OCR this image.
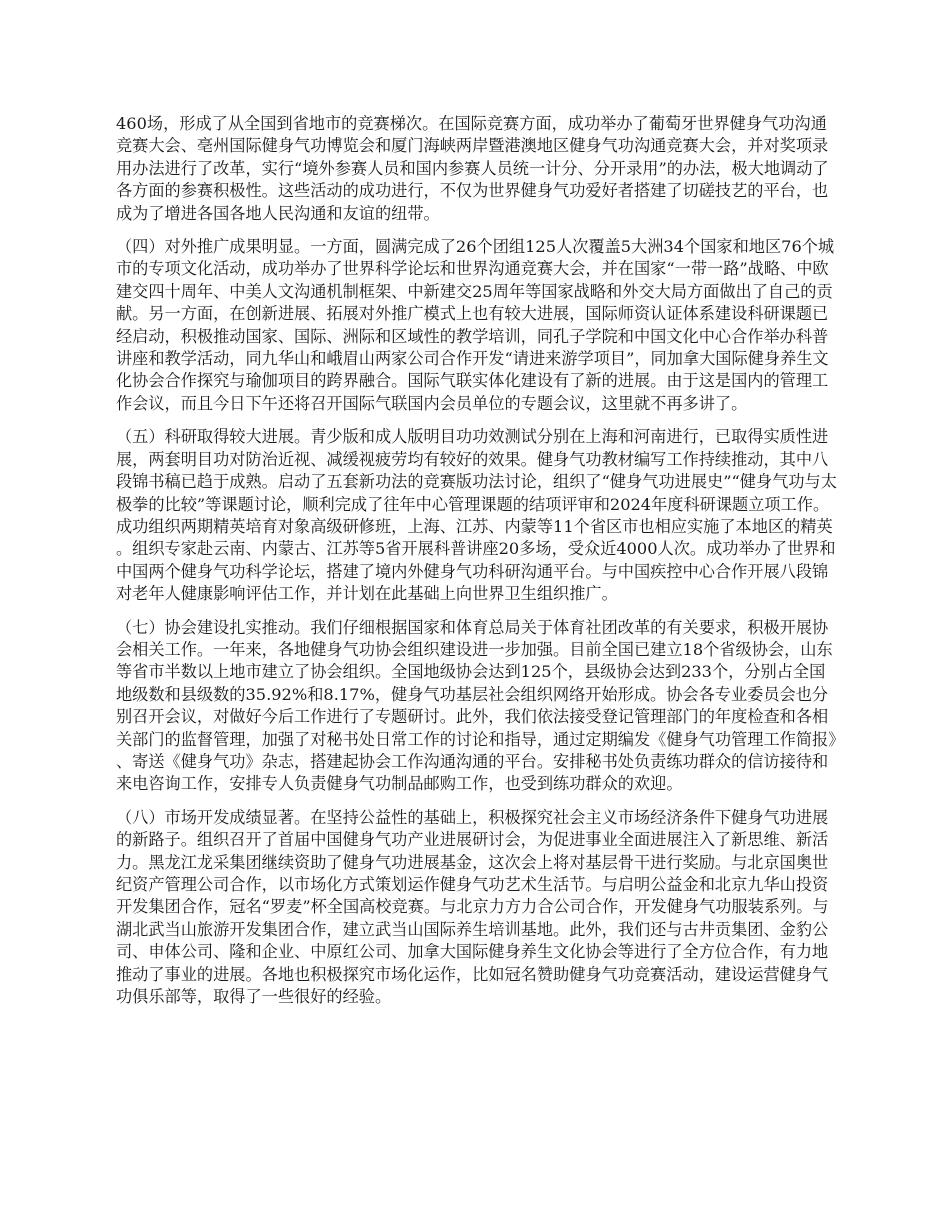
460场，形成了从全国到省地市的竞赛梯次。在国际竞赛方面，成功举办了葡萄牙世界健身气功沟通竞赛大会、亳州国际健身气功博览会和厦门海峡两岸暨港澳地区健身气功沟通竞赛大会，并对奖项录用办法进行了改革，实行“境外参赛人员和国内参赛人员统一计分、分开录用”的办法，极大地调动了各方面的参赛积极性。这些活动的成功进行，不仅为世界健身气功爱好者搭建了切磋技艺的平台，也成为了增进各国各地人民沟通和友谊的纽带。

（四）对外推广成果明显。一方面，圆满完成了26个团组125人次覆盖5大洲34个国家和地区76个城市的专项文化活动，成功举办了世界科学论坛和世界沟通竞赛大会，并在国家“一带一路”战略、中欧建交四十周年、中美人文沟通机制框架、中新建交25周年等国家战略和外交大局方面做出了自己的贡献。另一方面，在创新进展、拓展对外推广模式上也有较大进展，国际师资认证体系建设科研课题已经启动，积极推动国家、国际、洲际和区域性的教学培训，同孔子学院和中国文化中心合作举办科普讲座和教学活动，同九华山和峨眉山两家公司合作开发“请进来游学项目”，同加拿大国际健身养生文化协会合作探究与瑜伽项目的跨界融合。国际气联实体化建设有了新的进展。由于这是国内的管理工作会议，而且今日下午还将召开国际气联国内会员单位的专题会议，这里就不再多讲了。

（五）科研取得较大进展。青少版和成人版明目功功效测试分别在上海和河南进行，已取得实质性进展，两套明目功对防治近视、减缓视疲劳均有较好的效果。健身气功教材编写工作持续推动，其中八段锦书稿已趋于成熟。启动了五套新功法的竞赛版功法讨论，组织了“健身气功进展史”“健身气功与太极拳的比较”等课题讨论，顺利完成了往年中心管理课题的结项评审和2024年度科研课题立项工作。成功组织两期精英培育对象高级研修班，上海、江苏、内蒙等11个省区市也相应实施了本地区的精英。组织专家赴云南、内蒙古、江苏等5省开展科普讲座20多场，受众近4000人次。成功举办了世界和中国两个健身气功科学论坛，搭建了境内外健身气功科研沟通平台。与中国疾控中心合作开展八段锦对老年人健康影响评估工作，并计划在此基础上向世界卫生组织推广。

（七）协会建设扎实推动。我们仔细根据国家和体育总局关于体育社团改革的有关要求，积极开展协会相关工作。一年来，各地健身气功协会组织建设进一步加强。目前全国已建立18个省级协会，山东等省市半数以上地市建立了协会组织。全国地级协会达到125个，县级协会达到233个，分别占全国地级数和县级数的35.92%和8.17%，健身气功基层社会组织网络开始形成。协会各专业委员会也分别召开会议，对做好今后工作进行了专题研讨。此外，我们依法接受登记管理部门的年度检查和各相关部门的监督管理，加强了对秘书处日常工作的讨论和指导，通过定期编发《健身气功管理工作简报》、寄送《健身气功》杂志，搭建起协会工作沟通沟通的平台。安排秘书处负责练功群众的信访接待和来电咨询工作，安排专人负责健身气功制品邮购工作，也受到练功群众的欢迎。

（八）市场开发成绩显著。在坚持公益性的基础上，积极探究社会主义市场经济条件下健身气功进展的新路子。组织召开了首届中国健身气功产业进展研讨会，为促进事业全面进展注入了新思维、新活力。黑龙江龙采集团继续资助了健身气功进展基金，这次会上将对基层骨干进行奖励。与北京国奥世纪资产管理公司合作，以市场化方式策划运作健身气功艺术生活节。与启明公益金和北京九华山投资开发集团合作，冠名“罗麦”杯全国高校竞赛。与北京力方力合公司合作，开发健身气功服装系列。与湖北武当山旅游开发集团合作，建立武当山国际养生培训基地。此外，我们还与古井贡集团、金豹公司、申体公司、隆和企业、中原红公司、加拿大国际健身养生文化协会等进行了全方位合作，有力地推动了事业的进展。各地也积极探究市场化运作，比如冠名赞助健身气功竞赛活动，建设运营健身气功俱乐部等，取得了一些很好的经验。
